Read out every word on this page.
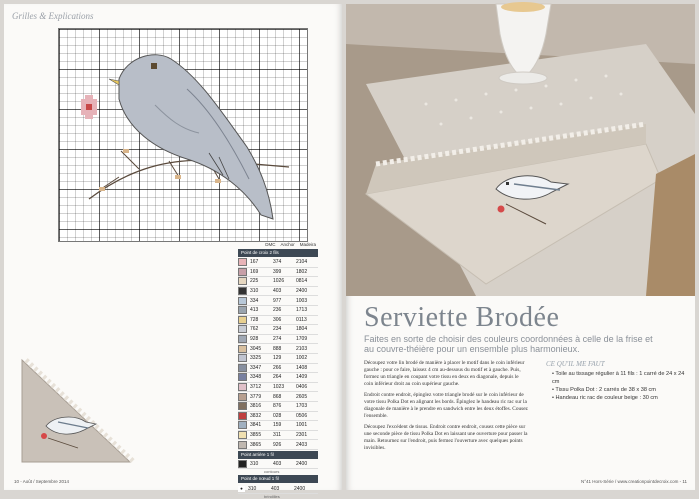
Grilles & Explications
DMC Anchor Madeira
Point de croix 2 fils
167	374	2104
169	399	1802
225	1026	0814
310	403	2400
334	977	1003
413	236	1713
728	306	0113
762	234	1804
928	274	1709
3045	888	2103
3325	129	1002
3347	266	1408
3348	264	1409
3712	1023	0406
3779	868	2605
3816	876	1703
3832	028	0506
3841	159	1001
3855	311	2301
3865	926	2403
Point arrière 1 fil
310	403	2400
contours
Point de nœud 1 fil
●	310	403	2400
brindilles
10 - Août / Septembre 2014
Serviette Brodée
Faites en sorte de choisir des couleurs coordonnées à celle de la frise et au couvre-théière pour un ensemble plus harmonieux.

Découpez votre lin brodé de manière à placer le motif dans le coin inférieur gauche : pour ce faire, laissez 4 cm au-dessous du motif et à gauche. Puis, formez un triangle en coupant votre tissu en deux en diagonale, depuis le coin inférieur droit au coin supérieur gauche.

Endroit contre endroit, épinglez votre triangle brodé sur le coin inférieur de votre tissu Polka Dot en alignant les bords. Épinglez le handeau ric rac sur la diagonale de manière à le prendre en sandwich entre les deux étoffes. Cousez l'ensemble.

Découpez l'excédent de tissus. Endroit contre endroit, cousez cette pièce sur une seconde pièce de tissu Polka Dot en laissant une ouverture pour passer la main. Retournez sur l'endroit, puis fermez l'ouverture avec quelques points invisibles.

CE QU'IL ME FAUT
• Toile au tissage régulier à 11 fils : 1 carré de 24 x 24 cm
• Tissu Polka Dot : 2 carrés de 38 x 38 cm
• Handeau ric rac de couleur beige : 30 cm
N°41 Hors-Série / www.creationpointdecroix.com - 11
